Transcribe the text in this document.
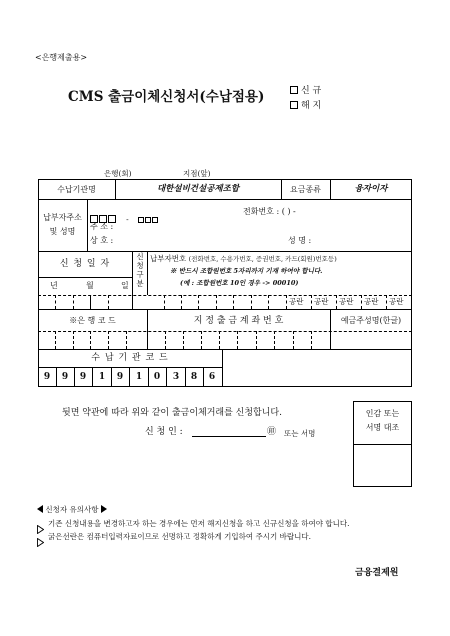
<은행제출용>
CMS 출금이체신청서(수납점용)	신 규
해 지
은행(회)	지점(앞)
수납기관명	대한설비건설공제조합	요금종류	융자이자
납부자주소
및 성명
-
전화번호 : ( ) -
주 소 :
상 호 :	성 명 :
신 청 일 자
년	월	일
신청구분
납부자번호 (전화번호, 수용가번호, 증권번호, 카드(회원)번호등)
※ 반드시 조합원번호 5자리까지 기재 하여야 합니다.
(예 : 조합원번호 10인 경우 -> 00010)
공란 공란 공란 공란 공란
※은 행 코 드	지 정 출 금 계 좌 번 호	예금주성명(한글)
수 납 기 관 코 드
9	9	9	1	9	1	0	3	8	6
뒷면 약관에 따라 위와 같이 출금이체거래를 신청합니다.
신 청 인 :	㊞ 또는 서명
인감 또는
서명 대조
신청자 유의사항
기존 신청내용을 변경하고자 하는 경우에는 먼저 해지신청을 하고 신규신청을 하여야 합니다.
굵은선란은 컴퓨터입력자료이므로 선명하고 정확하게 기입하여 주시기 바랍니다.
금융결제원
